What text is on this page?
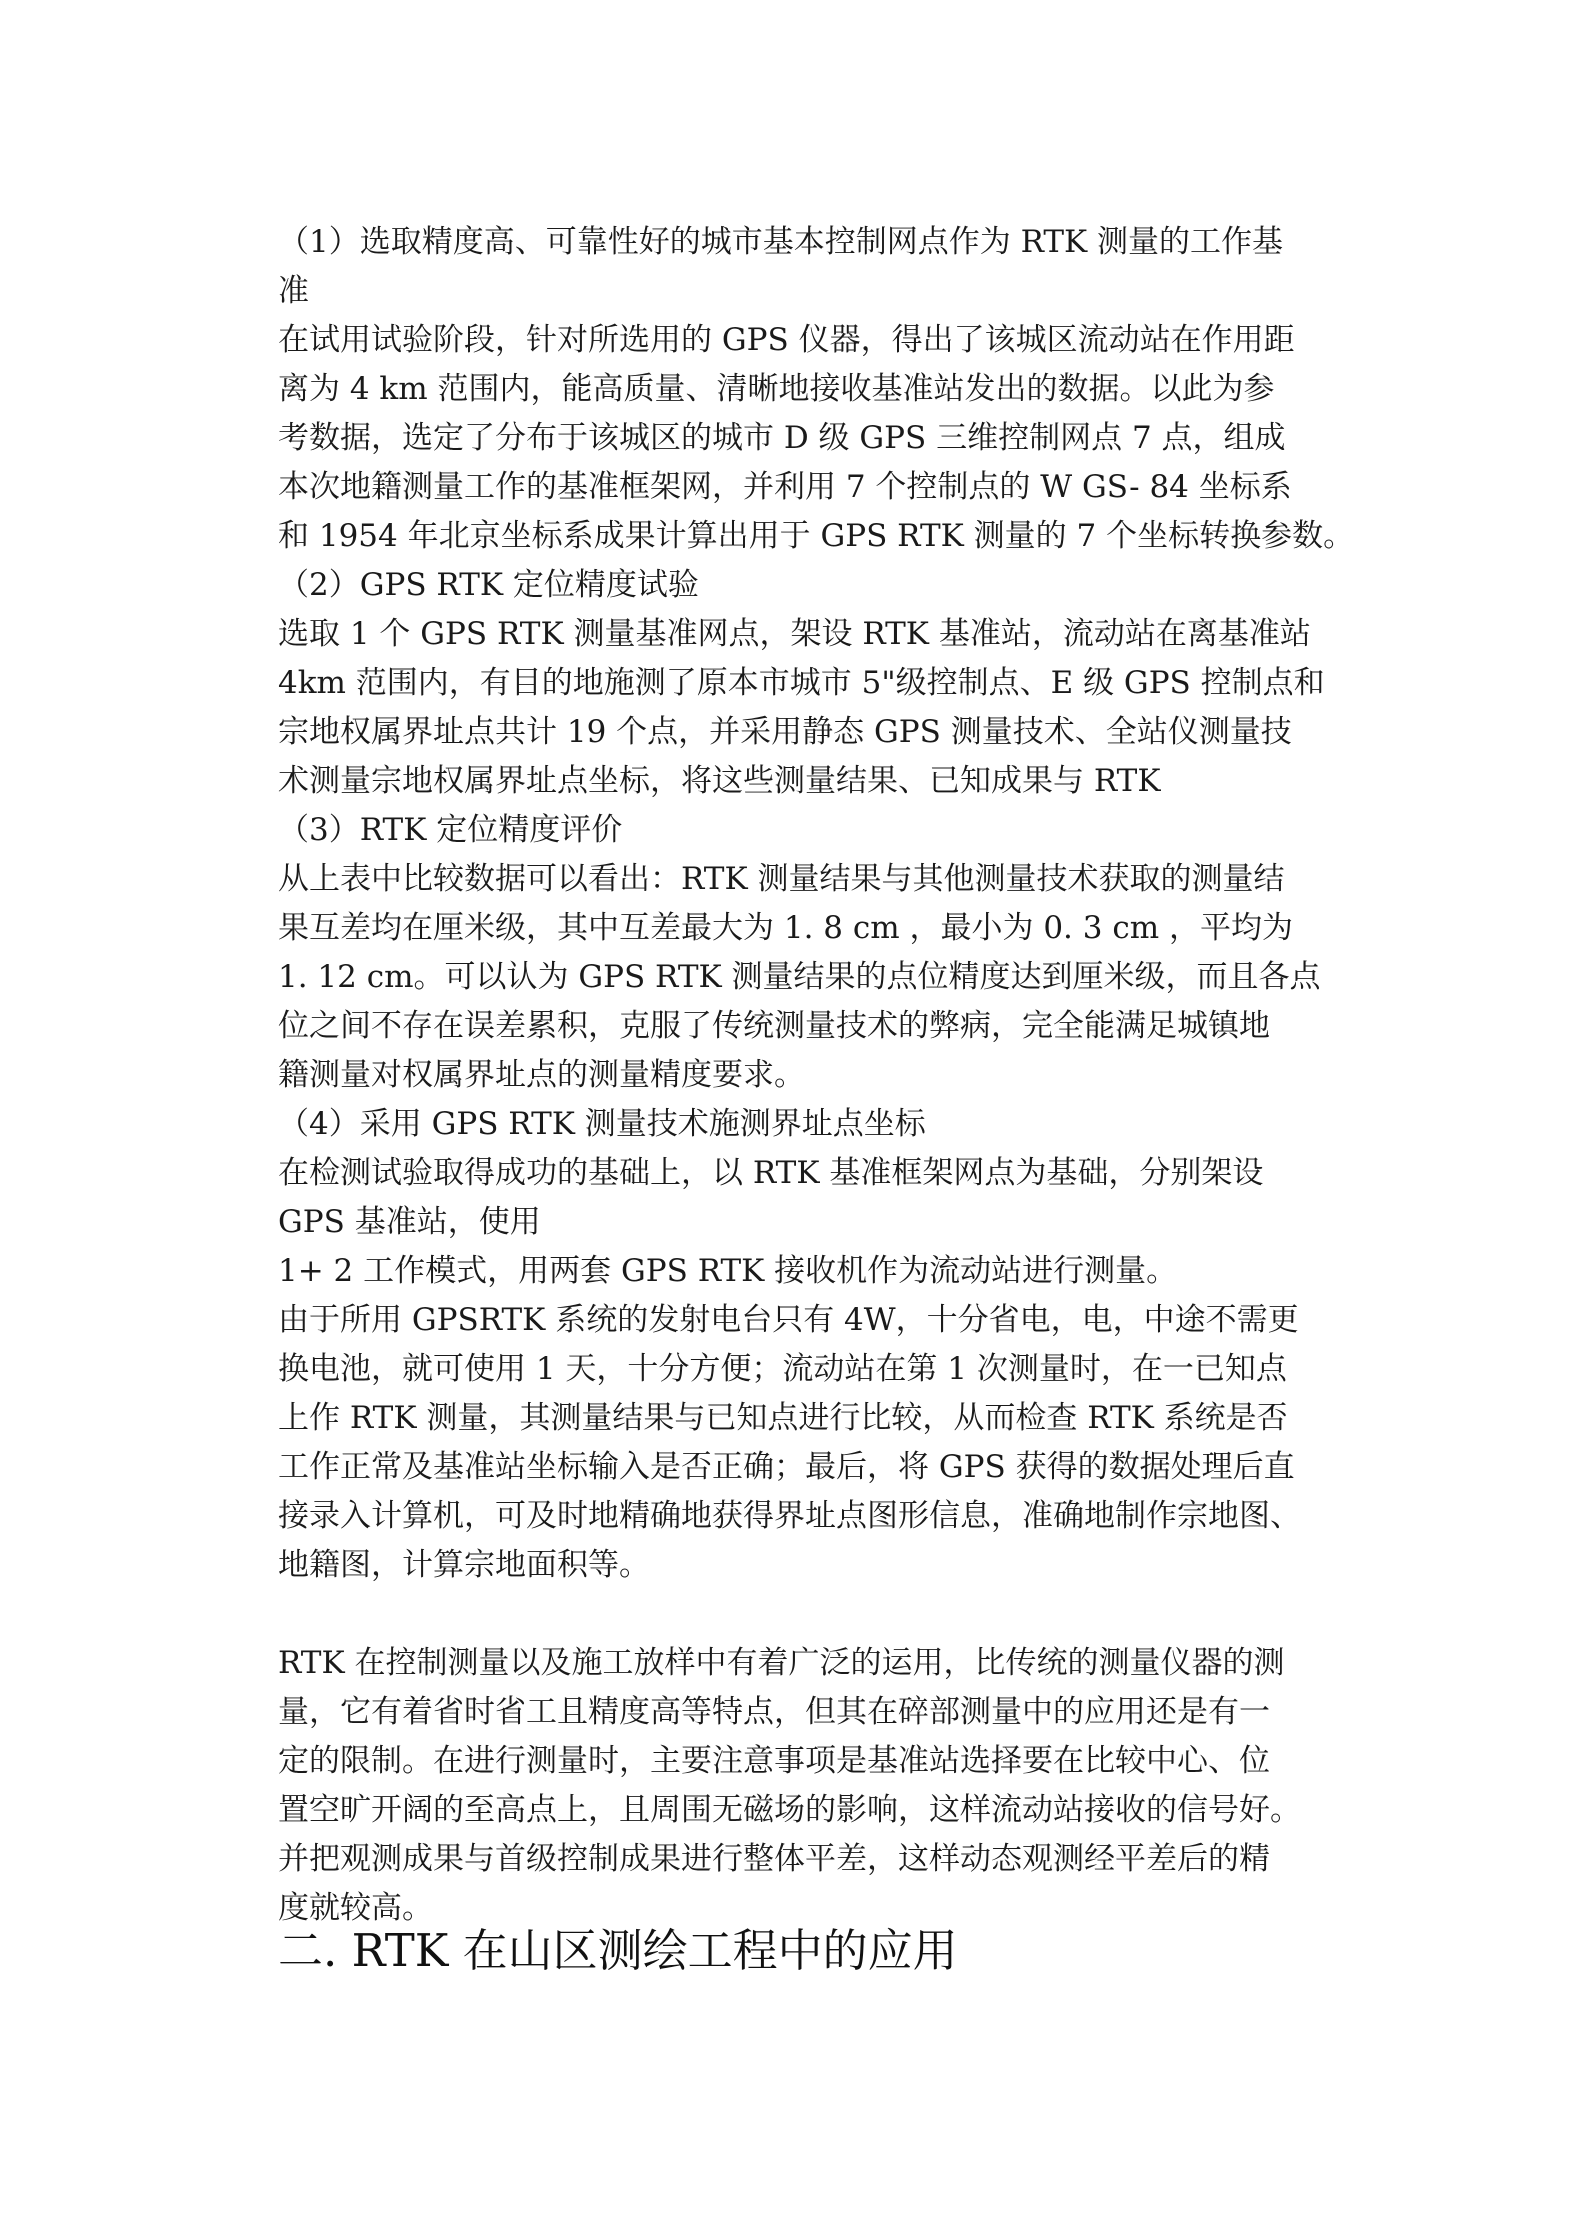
（1）选取精度高、可靠性好的城市基本控制网点作为 RTK 测量的工作基
准
在试用试验阶段，针对所选用的 GPS 仪器，得出了该城区流动站在作用距
离为 4 km 范围内，能高质量、清晰地接收基准站发出的数据。以此为参
考数据，选定了分布于该城区的城市 D 级 GPS 三维控制网点 7 点，组成
本次地籍测量工作的基准框架网，并利用 7 个控制点的 W GS- 84 坐标系
和 1954 年北京坐标系成果计算出用于 GPS RTK 测量的 7 个坐标转换参数。
（2）GPS RTK 定位精度试验
选取 1 个 GPS RTK 测量基准网点，架设 RTK 基准站，流动站在离基准站
4km 范围内，有目的地施测了原本市城市 5"级控制点、E 级 GPS 控制点和
宗地权属界址点共计 19 个点，并采用静态 GPS 测量技术、全站仪测量技
术测量宗地权属界址点坐标，将这些测量结果、已知成果与 RTK
（3）RTK 定位精度评价
从上表中比较数据可以看出：RTK 测量结果与其他测量技术获取的测量结
果互差均在厘米级，其中互差最大为 1. 8 cm ，最小为 0. 3 cm ，平均为
1. 12 cm。可以认为 GPS RTK 测量结果的点位精度达到厘米级，而且各点
位之间不存在误差累积，克服了传统测量技术的弊病，完全能满足城镇地
籍测量对权属界址点的测量精度要求。
（4）采用 GPS RTK 测量技术施测界址点坐标
在检测试验取得成功的基础上，以 RTK 基准框架网点为基础，分别架设
GPS 基准站，使用
1+ 2 工作模式，用两套 GPS RTK 接收机作为流动站进行测量。
由于所用 GPSRTK 系统的发射电台只有 4W，十分省电，电，中途不需更
换电池，就可使用 1 天，十分方便；流动站在第 1 次测量时，在一已知点
上作 RTK 测量，其测量结果与已知点进行比较，从而检查 RTK 系统是否
工作正常及基准站坐标输入是否正确；最后，将 GPS 获得的数据处理后直
接录入计算机，可及时地精确地获得界址点图形信息，准确地制作宗地图、
地籍图，计算宗地面积等。
RTK 在控制测量以及施工放样中有着广泛的运用，比传统的测量仪器的测
量，它有着省时省工且精度高等特点，但其在碎部测量中的应用还是有一
定的限制。在进行测量时，主要注意事项是基准站选择要在比较中心、位
置空旷开阔的至高点上，且周围无磁场的影响，这样流动站接收的信号好。
并把观测成果与首级控制成果进行整体平差，这样动态观测经平差后的精
度就较高。
二. RTK 在山区测绘工程中的应用
